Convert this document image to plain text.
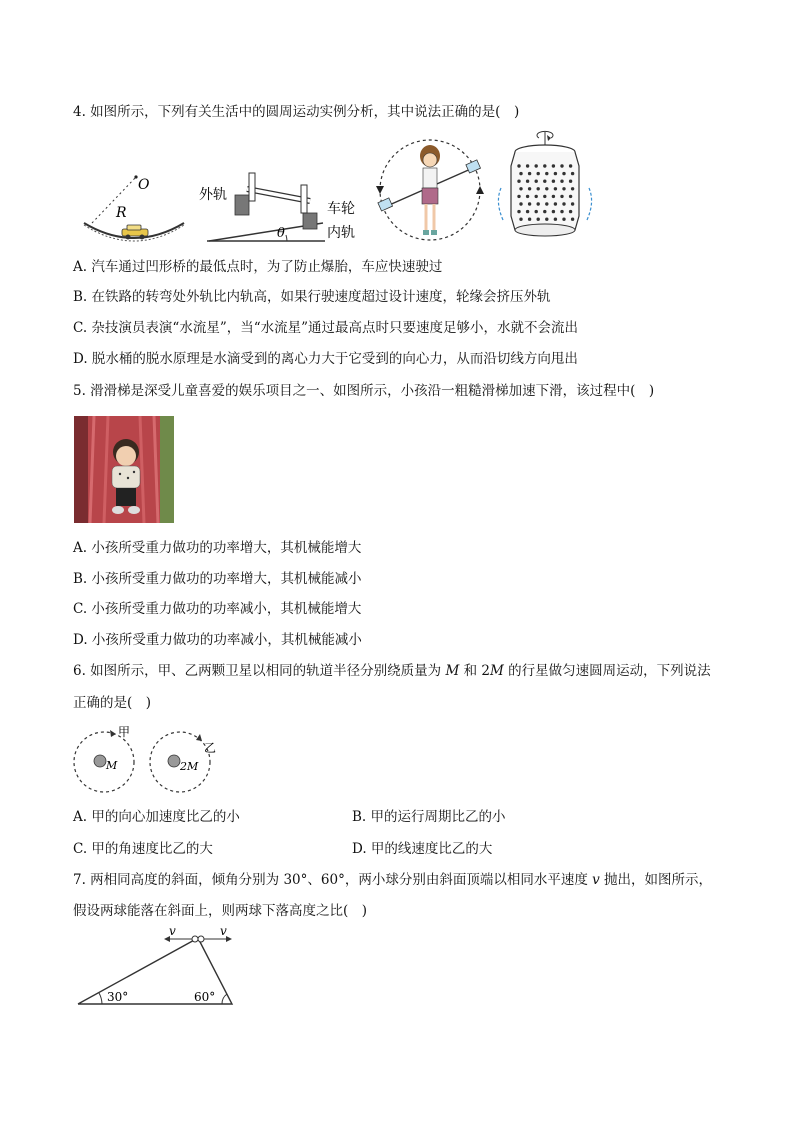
4. 如图所示，下列有关生活中的圆周运动实例分析，其中说法正确的是(　)
O
R
外轨
车轮
内轨
θ
A. 汽车通过凹形桥的最低点时，为了防止爆胎，车应快速驶过
B. 在铁路的转弯处外轨比内轨高，如果行驶速度超过设计速度，轮缘会挤压外轨
C. 杂技演员表演“水流星”，当“水流星”通过最高点时只要速度足够小，水就不会流出
D. 脱水桶的脱水原理是水滴受到的离心力大于它受到的向心力，从而沿切线方向甩出
5. 滑滑梯是深受儿童喜爱的娱乐项目之一、如图所示，小孩沿一粗糙滑梯加速下滑，该过程中(　)
A. 小孩所受重力做功的功率增大，其机械能增大
B. 小孩所受重力做功的功率增大，其机械能减小
C. 小孩所受重力做功的功率减小，其机械能增大
D. 小孩所受重力做功的功率减小，其机械能减小
6. 如图所示，甲、乙两颗卫星以相同的轨道半径分别绕质量为 𝑀 和 2𝑀 的行星做匀速圆周运动，下列说法
正确的是(　)
M
甲
2M
乙
A. 甲的向心加速度比乙的小	B. 甲的运行周期比乙的小
C. 甲的角速度比乙的大	D. 甲的线速度比乙的大
7. 两相同高度的斜面，倾角分别为 30°、60°，两小球分别由斜面顶端以相同水平速度 𝑣 抛出，如图所示，
假设两球能落在斜面上，则两球下落高度之比(　)
v	v
30°	60°
